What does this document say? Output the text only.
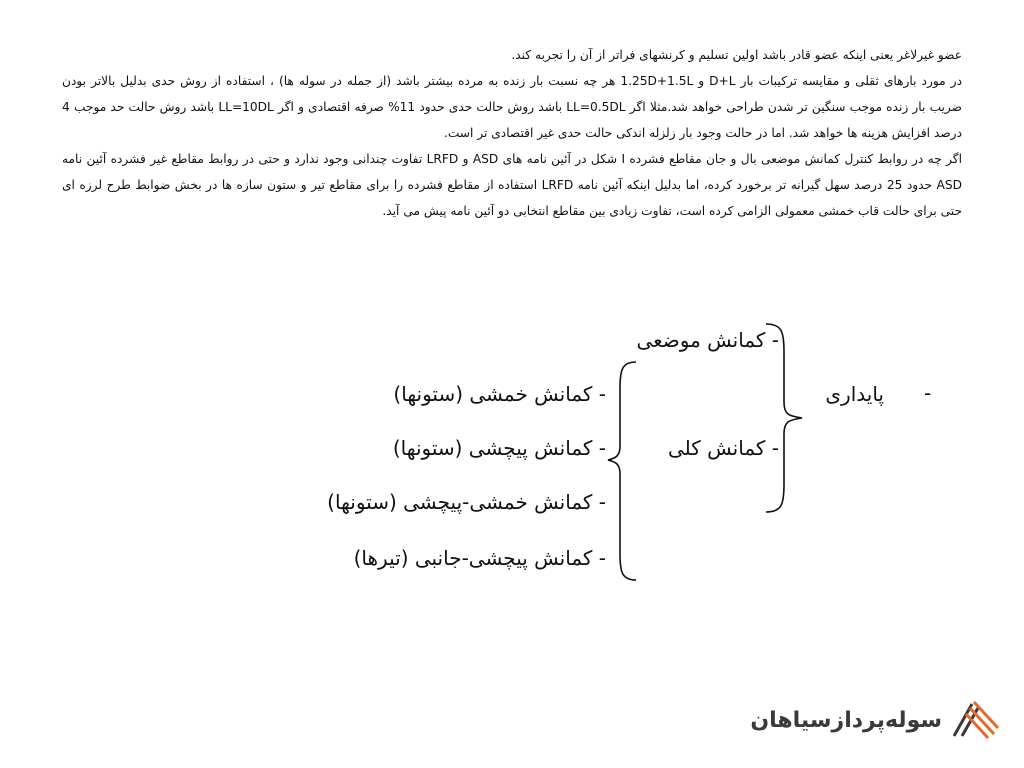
عضو غیرلاغر یعنی اینکه عضو قادر باشد اولین تسلیم و کرنشهای فراتر از آن را تجربه کند.

در مورد بارهای ثقلی و مقایسه ترکیبات بار D+L و 1.25D+1.5L هر چه نسبت بار زنده به مرده بیشتر باشد (از جمله در سوله ها) ، استفاده از روش حدی بدلیل بالاتر بودن ضریب بار زنده موجب سنگین تر شدن طراحی خواهد شد.مثلا اگر LL=0.5DL باشد روش حالت حدی حدود 11% صرفه اقتصادی و اگر LL=10DL باشد روش حالت حد موجب 4 درصد افزایش هزینه ها خواهد شد. اما در حالت وجود بار زلزله اندکی حالت حدی غیر اقتصادی تر است.

اگر چه در روابط کنترل کمانش موضعی بال و جان مقاطع فشرده I شکل در آئین نامه های ASD و LRFD تفاوت چندانی وجود ندارد و حتی در روابط مقاطع غیر فشرده آئین نامه ASD حدود 25 درصد سهل گیرانه تر برخورد کرده، اما بدلیل اینکه آئین نامه LRFD استفاده از مقاطع فشرده را برای مقاطع تیر و ستون سازه ها در بخش ضوابط طرح لرزه ای حتی برای حالت قاب خمشی معمولی الزامی کرده است، تفاوت زیادی بین مقاطع انتخابی دو آئین نامه پیش می آید.

-
پایداری
- کمانش موضعی
- کمانش کلی
- کمانش خمشی (ستونها)
- کمانش پیچشی (ستونها)
- کمانش خمشی-پیچشی (ستونها)
- کمانش پیچشی-جانبی (تیرها)
سوله‌پردازسیاهان
